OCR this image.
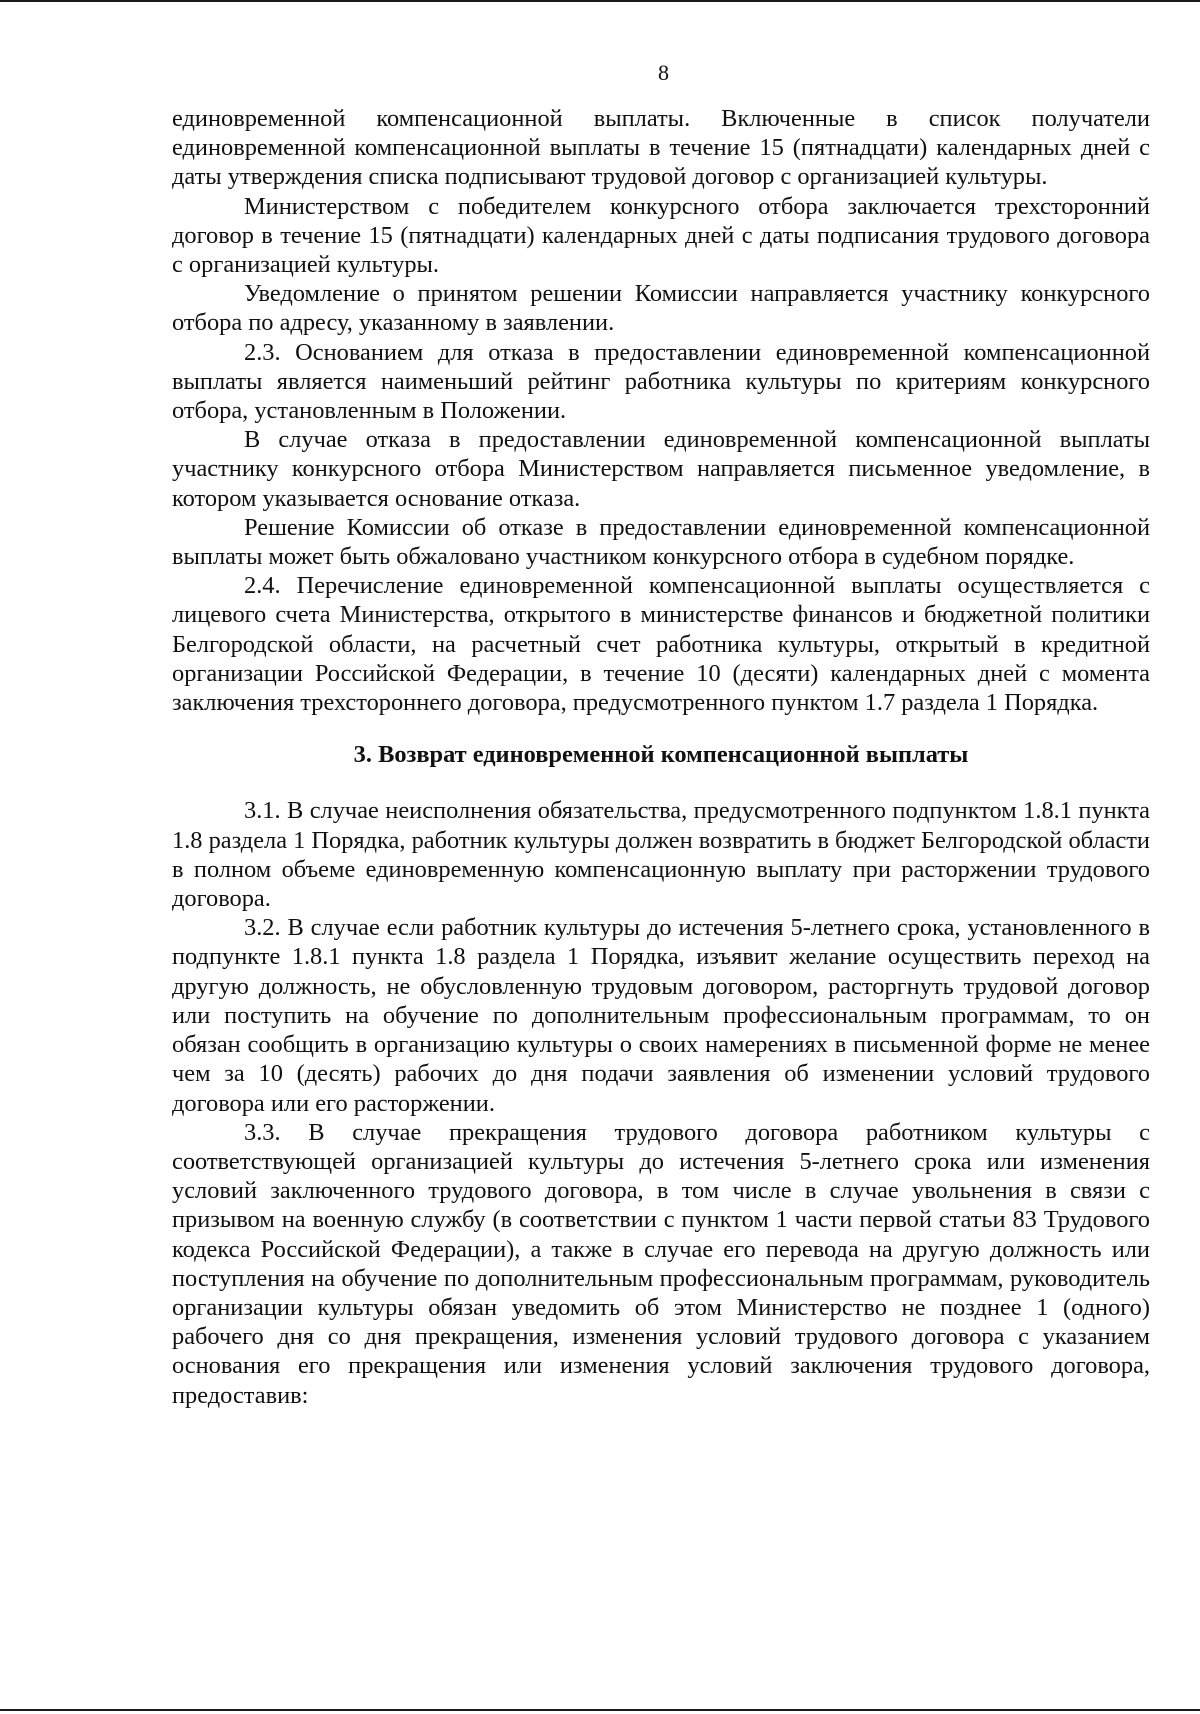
8

единовременной компенсационной выплаты. Включенные в список получатели единовременной компенсационной выплаты в течение 15 (пятнадцати) календарных дней с даты утверждения списка подписывают трудовой договор с организацией культуры.

Министерством с победителем конкурсного отбора заключается трехсторонний договор в течение 15 (пятнадцати) календарных дней с даты подписания трудового договора с организацией культуры.

Уведомление о принятом решении Комиссии направляется участнику конкурсного отбора по адресу, указанному в заявлении.

2.3. Основанием для отказа в предоставлении единовременной компенсационной выплаты является наименьший рейтинг работника культуры по критериям конкурсного отбора, установленным в Положении.

В случае отказа в предоставлении единовременной компенсационной выплаты участнику конкурсного отбора Министерством направляется письменное уведомление, в котором указывается основание отказа.

Решение Комиссии об отказе в предоставлении единовременной компенсационной выплаты может быть обжаловано участником конкурсного отбора в судебном порядке.

2.4. Перечисление единовременной компенсационной выплаты осуществляется с лицевого счета Министерства, открытого в министерстве финансов и бюджетной политики Белгородской области, на расчетный счет работника культуры, открытый в кредитной организации Российской Федерации, в течение 10 (десяти) календарных дней с момента заключения трехстороннего договора, предусмотренного пунктом 1.7 раздела 1 Порядка.

3. Возврат единовременной компенсационной выплаты

3.1. В случае неисполнения обязательства, предусмотренного подпунктом 1.8.1 пункта 1.8 раздела 1 Порядка, работник культуры должен возвратить в бюджет Белгородской области в полном объеме единовременную компенсационную выплату при расторжении трудового договора.

3.2. В случае если работник культуры до истечения 5-летнего срока, установленного в подпункте 1.8.1 пункта 1.8 раздела 1 Порядка, изъявит желание осуществить переход на другую должность, не обусловленную трудовым договором, расторгнуть трудовой договор или поступить на обучение по дополнительным профессиональным программам, то он обязан сообщить в организацию культуры о своих намерениях в письменной форме не менее чем за 10 (десять) рабочих до дня подачи заявления об изменении условий трудового договора или его расторжении.

3.3. В случае прекращения трудового договора работником культуры с соответствующей организацией культуры до истечения 5-летнего срока или изменения условий заключенного трудового договора, в том числе в случае увольнения в связи с призывом на военную службу (в соответствии с пунктом 1 части первой статьи 83 Трудового кодекса Российской Федерации), а также в случае его перевода на другую должность или поступления на обучение по дополнительным профессиональным программам, руководитель организации культуры обязан уведомить об этом Министерство не позднее 1 (одного) рабочего дня со дня прекращения, изменения условий трудового договора с указанием основания его прекращения или изменения условий заключения трудового договора, предоставив:
